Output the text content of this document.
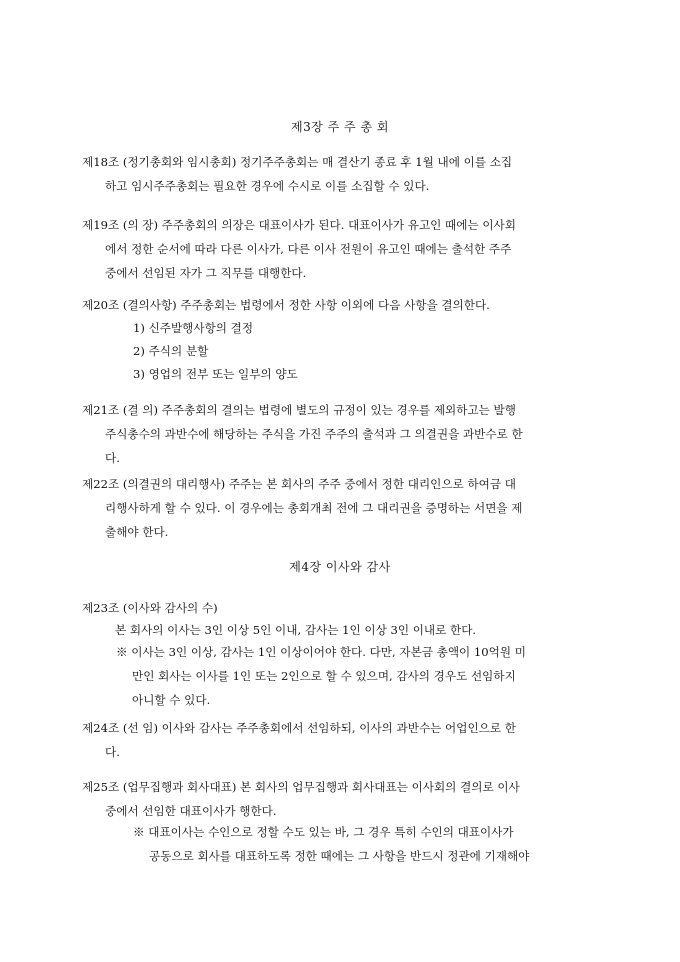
제3장 주 주 총 회
제18조 (정기총회와 임시총회) 정기주주총회는 매 결산기 종료 후 1월 내에 이를 소집
하고 임시주주총회는 필요한 경우에 수시로 이를 소집할 수 있다.
제19조 (의 장) 주주총회의 의장은 대표이사가 된다. 대표이사가 유고인 때에는 이사회
에서 정한 순서에 따라 다른 이사가, 다른 이사 전원이 유고인 때에는 출석한 주주
중에서 선임된 자가 그 직무를 대행한다.
제20조 (결의사항) 주주총회는 법령에서 정한 사항 이외에 다음 사항을 결의한다.
1) 신주발행사항의 결정
2) 주식의 분할
3) 영업의 전부 또는 일부의 양도
제21조 (결 의) 주주총회의 결의는 법령에 별도의 규정이 있는 경우를 제외하고는 발행
주식총수의 과반수에 해당하는 주식을 가진 주주의 출석과 그 의결권을 과반수로 한
다.
제22조 (의결권의 대리행사) 주주는 본 회사의 주주 중에서 정한 대리인으로 하여금 대
리행사하게 할 수 있다. 이 경우에는 총회개최 전에 그 대리권을 증명하는 서면을 제
출해야 한다.
제4장 이사와 감사
제23조 (이사와 감사의 수)
본 회사의 이사는 3인 이상 5인 이내, 감사는 1인 이상 3인 이내로 한다.
※ 이사는 3인 이상, 감사는 1인 이상이어야 한다. 다만, 자본금 총액이 10억원 미
만인 회사는 이사를 1인 또는 2인으로 할 수 있으며, 감사의 경우도 선임하지
아니할 수 있다.
제24조 (선 임) 이사와 감사는 주주총회에서 선임하되, 이사의 과반수는 어업인으로 한
다.
제25조 (업무집행과 회사대표) 본 회사의 업무집행과 회사대표는 이사회의 결의로 이사
중에서 선임한 대표이사가 행한다.
※ 대표이사는 수인으로 정할 수도 있는 바, 그 경우 특히 수인의 대표이사가
공동으로 회사를 대표하도록 정한 때에는 그 사항을 반드시 정관에 기재해야
